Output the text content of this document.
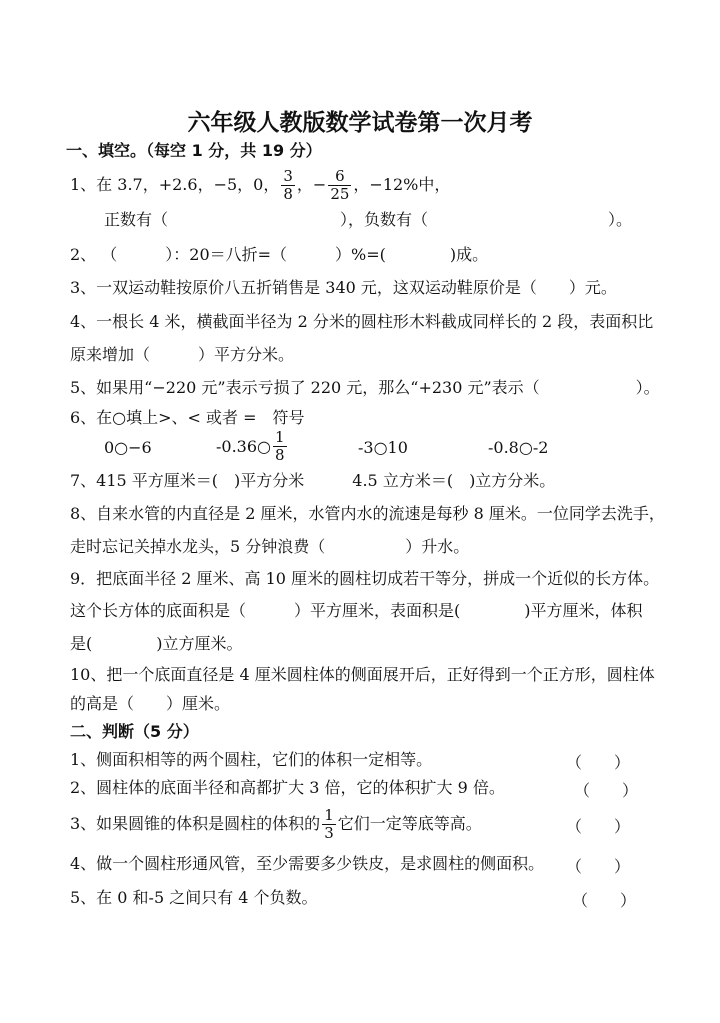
六年级人教版数学试卷第一次月考
一、填空。（每空 1 分，共 19 分）
1、在 3.7，+2.6，−5，0， $\frac{3}{8}$ ，− $\frac{6}{25}$ ，−12%中，
正数有（	），负数有（	）。
2、 （　　　）：20＝八折=（　　　）%=(　　　　)成。
3、一双运动鞋按原价八五折销售是 340 元，这双运动鞋原价是（　　）元。
4、一根长 4 米，横截面半径为 2 分米的圆柱形木料截成同样长的 2 段，表面积比
原来增加（　　　）平方分米。
5、如果用“−220 元”表示亏损了 220 元，那么“+230 元”表示（　　　　　　）。
6、在○填上>、< 或者 =　符号
0○−6	-0.36○ $\frac{1}{8}$	-3○10	-0.8○-2
7、415 平方厘米＝(　)平方分米　　　4.5 立方米＝(　)立方分米。
8、自来水管的内直径是 2 厘米，水管内水的流速是每秒 8 厘米。一位同学去洗手，
走时忘记关掉水龙头，5 分钟浪费（　　　　　）升水。
9．把底面半径 2 厘米、高 10 厘米的圆柱切成若干等分，拼成一个近似的长方体。
这个长方体的底面积是（　　　）平方厘米，表面积是(　　　　)平方厘米，体积
是(　　　　)立方厘米。
10、把一个底面直径是 4 厘米圆柱体的侧面展开后，正好得到一个正方形，圆柱体
的高是（　　）厘米。
二、判断（5 分）
1、侧面积相等的两个圆柱，它们的体积一定相等。	（　　）
2、圆柱体的底面半径和高都扩大 3 倍，它的体积扩大 9 倍。	（　　）
3、如果圆锥的体积是圆柱的体积的 $\frac{1}{3}$ 它们一定等底等高。	（　　）
4、做一个圆柱形通风管，至少需要多少铁皮，是求圆柱的侧面积。 （　　）
5、在 0 和-5 之间只有 4 个负数。	（　　）
